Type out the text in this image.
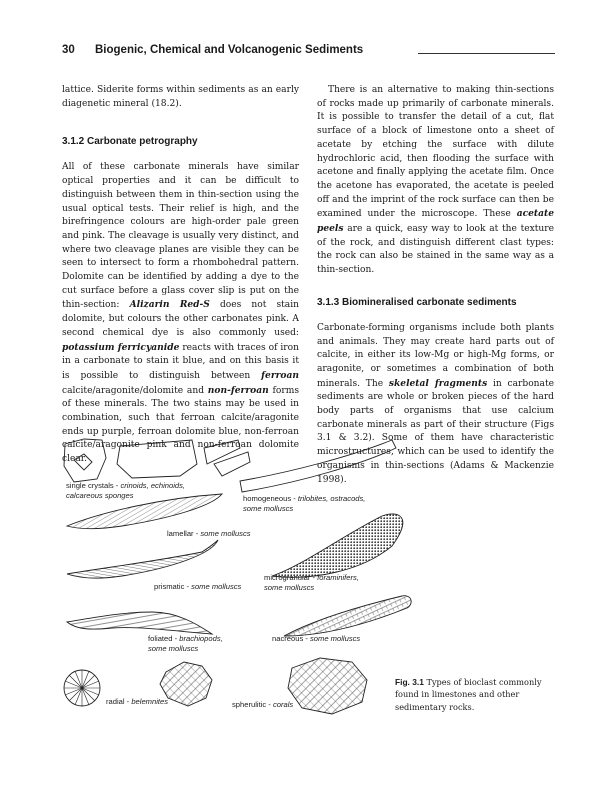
30 Biogenic, Chemical and Volcanogenic Sediments

lattice. Siderite forms within sediments as an early diagenetic mineral (18.2).

3.1.2 Carbonate petrography

All of these carbonate minerals have similar optical properties and it can be difficult to distinguish between them in thin-section using the usual optical tests. Their relief is high, and the birefringence colours are high-order pale green and pink. The cleavage is usually very distinct, and where two cleavage planes are visible they can be seen to intersect to form a rhombohedral pattern. Dolomite can be identified by adding a dye to the cut surface before a glass cover slip is put on the thin-section: Alizarin Red-S does not stain dolomite, but colours the other carbonates pink. A second chemical dye is also commonly used: potassium ferricyanide reacts with traces of iron in a carbonate to stain it blue, and on this basis it is possible to distinguish between ferroan calcite/aragonite/dolomite and non-ferroan forms of these minerals. The two stains may be used in combination, such that ferroan calcite/aragonite ends up purple, ferroan dolomite blue, non-ferroan calcite/aragonite pink and non-ferroan dolomite clear.

There is an alternative to making thin-sections of rocks made up primarily of carbonate minerals. It is possible to transfer the detail of a cut, flat surface of a block of limestone onto a sheet of acetate by etching the surface with dilute hydrochloric acid, then flooding the surface with acetone and finally applying the acetate film. Once the acetone has evaporated, the acetate is peeled off and the imprint of the rock surface can then be examined under the microscope. These acetate peels are a quick, easy way to look at the texture of the rock, and distinguish different clast types: the rock can also be stained in the same way as a thin-section.

3.1.3 Biomineralised carbonate sediments

Carbonate-forming organisms include both plants and animals. They may create hard parts out of calcite, in either its low-Mg or high-Mg forms, or aragonite, or sometimes a combination of both minerals. The skeletal fragments in carbonate sediments are whole or broken pieces of the hard body parts of organisms that use calcium carbonate minerals as part of their structure (Figs 3.1 & 3.2). Some of them have characteristic microstructures, which can be used to identify the organisms in thin-sections (Adams & Mackenzie 1998).

single crystals - crinoids, echinoids,
calcareous sponges	homogeneous - trilobites, ostracods,
some molluscs
lamellar - some molluscs
microgranular - foraminifers,
some molluscs
prismatic - some molluscs
foliated - brachiopods,
some molluscs
nacreous - some molluscs
radial - belemnites	spherulitic - corals
Fig. 3.1 Types of bioclast commonly found in limestones and other sedimentary rocks.
